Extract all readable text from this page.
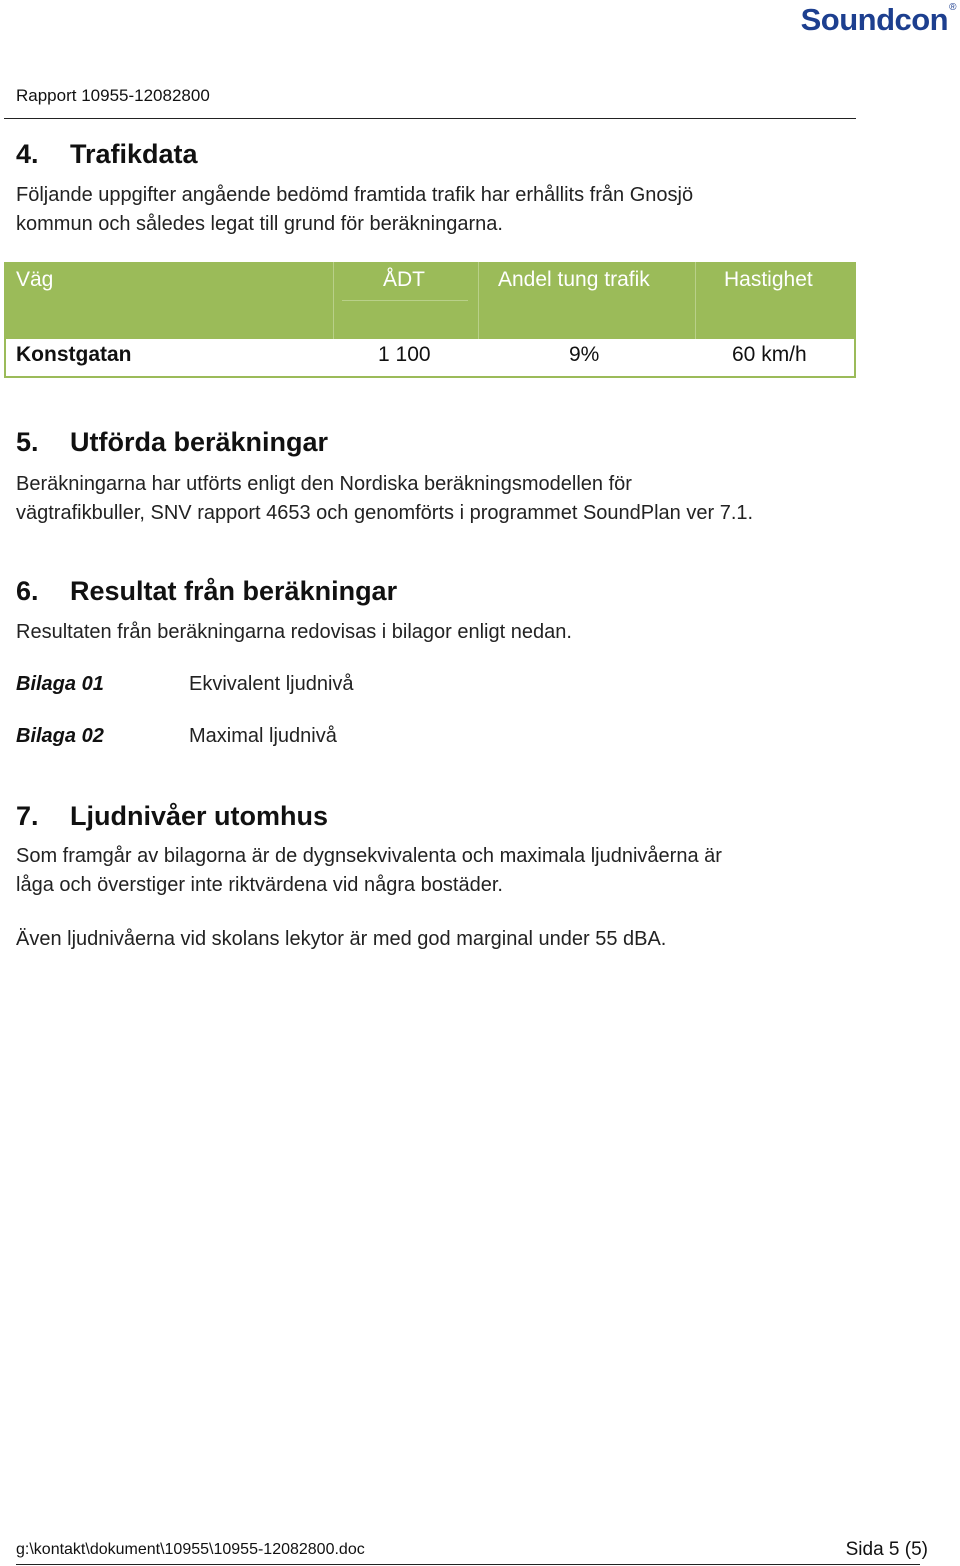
Soundcon®
Rapport 10955-12082800
4. Trafikdata

Följande uppgifter angående bedömd framtida trafik har erhållits från Gnosjö
kommun och således legat till grund för beräkningarna.

Väg	ÅDT	Andel tung trafik	Hastighet
Konstgatan	1 100	9%	60 km/h
5. Utförda beräkningar

Beräkningarna har utförts enligt den Nordiska beräkningsmodellen för
vägtrafikbuller, SNV rapport 4653 och genomförts i programmet SoundPlan ver 7.1.

6. Resultat från beräkningar

Resultaten från beräkningarna redovisas i bilagor enligt nedan.

Bilaga 01	Ekvivalent ljudnivå
Bilaga 02	Maximal ljudnivå
7. Ljudnivåer utomhus

Som framgår av bilagorna är de dygnsekvivalenta och maximala ljudnivåerna är
låga och överstiger inte riktvärdena vid några bostäder.

Även ljudnivåerna vid skolans lekytor är med god marginal under 55 dBA.

g:\kontakt\dokument\10955\10955-12082800.doc	Sida 5 (5)
